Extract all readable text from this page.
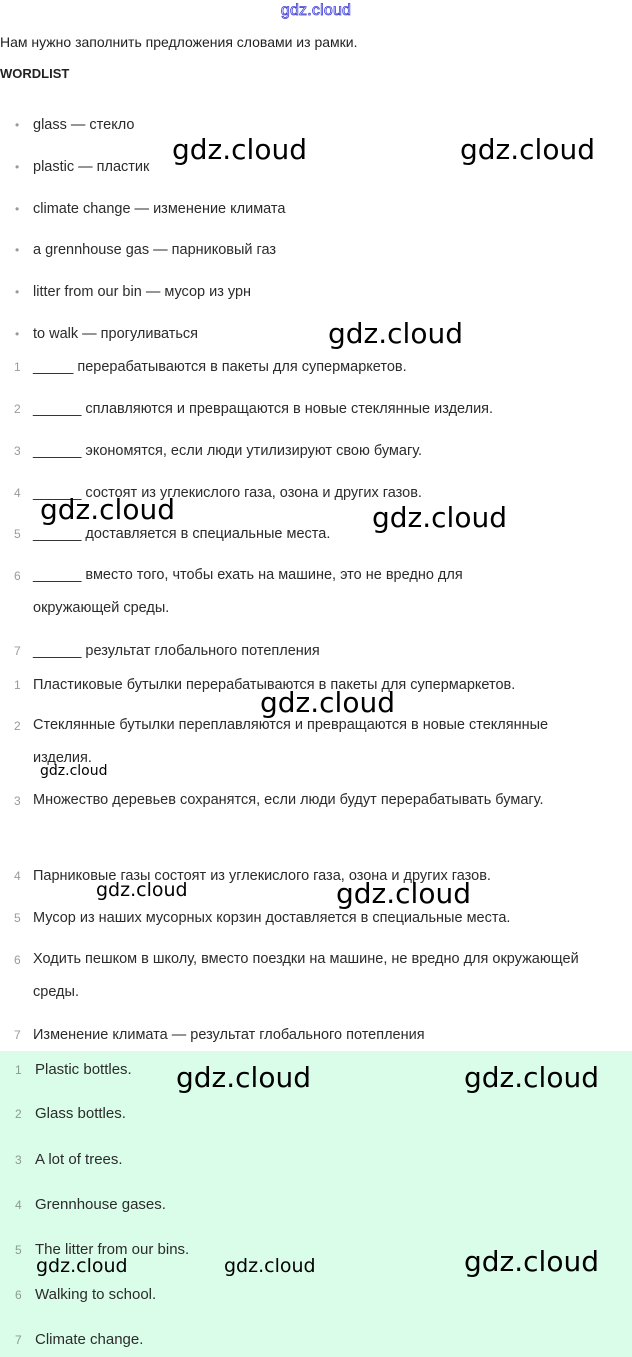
gdz.cloud
Нам нужно заполнить предложения словами из рамки.
WORDLIST
• glass — стекло
• plastic — пластик
• climate change — изменение климата
• a grennhouse gas — парниковый газ
• litter from our bin — мусор из урн
• to walk — прогуливаться
1 _____ перерабатываются в пакеты для супермаркетов.
2 ______ сплавляются и превращаются в новые стеклянные изделия.
3 ______ экономятся, если люди утилизируют свою бумагу.
4 ______ состоят из углекислого газа, озона и других газов.
5 ______ доставляется в специальные места.
6 ______ вместо того, чтобы ехать на машине, это не вредно для окружающей среды.
7 ______ результат глобального потепления
1 Пластиковые бутылки перерабатываются в пакеты для супермаркетов.
2 Стеклянные бутылки переплавляются и превращаются в новые стеклянные изделия.
3 Множество деревьев сохранятся, если люди будут перерабатывать бумагу.
4 Парниковые газы состоят из углекислого газа, озона и других газов.
5 Мусор из наших мусорных корзин доставляется в специальные места.
6 Ходить пешком в школу, вместо поездки на машине, не вредно для окружающей среды.
7 Изменение климата — результат глобального потепления
1 Plastic bottles.
2 Glass bottles.
3 A lot of trees.
4 Grennhouse gases.
5 The litter from our bins.
6 Walking to school.
7 Climate change.
gdz.cloud	gdz.cloud
gdz.cloud
gdz.cloud	gdz.cloud
gdz.cloud
gdz.cloud
gdz.cloud	gdz.cloud
gdz.cloud	gdz.cloud
gdz.cloud	gdz.cloud	gdz.cloud
